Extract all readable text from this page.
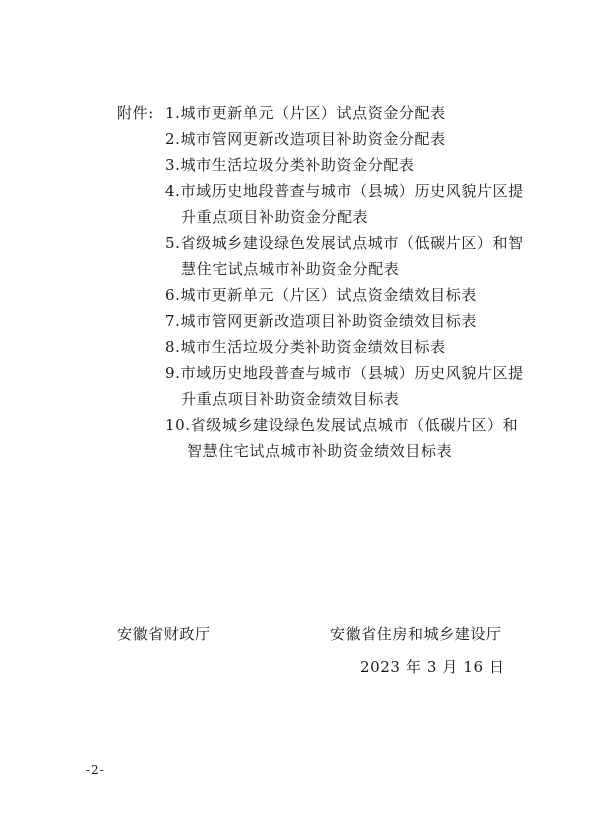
附件: 1.城市更新单元（片区）试点资金分配表
2.城市管网更新改造项目补助资金分配表
3.城市生活垃圾分类补助资金分配表
4.市域历史地段普查与城市（县城）历史风貌片区提
升重点项目补助资金分配表
5.省级城乡建设绿色发展试点城市（低碳片区）和智
慧住宅试点城市补助资金分配表
6.城市更新单元（片区）试点资金绩效目标表
7.城市管网更新改造项目补助资金绩效目标表
8.城市生活垃圾分类补助资金绩效目标表
9.市域历史地段普查与城市（县城）历史风貌片区提
升重点项目补助资金绩效目标表
10.省级城乡建设绿色发展试点城市（低碳片区）和
智慧住宅试点城市补助资金绩效目标表
安徽省财政厅	安徽省住房和城乡建设厅
2023 年 3 月 16 日
-2-
